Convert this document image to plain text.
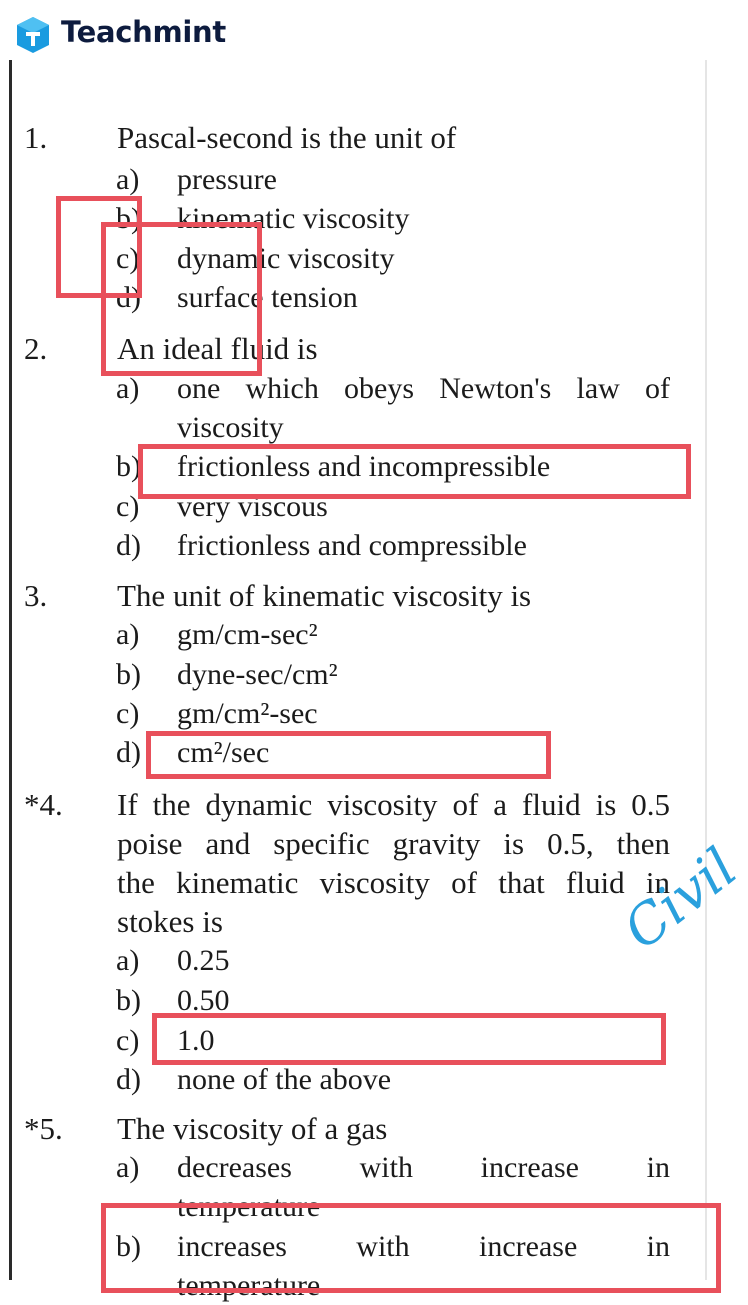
Teachmint
1. Pascal-second is the unit of
a) pressure
b) kinematic viscosity
c) dynamic viscosity
d) surface tension
2. An ideal fluid is
a) one which obeys Newton's law of
viscosity
b) frictionless and incompressible
c) very viscous
d) frictionless and compressible
3. The unit of kinematic viscosity is
a) gm/cm-sec²
b) dyne-sec/cm²
c) gm/cm²-sec
d) cm²/sec
*4. If the dynamic viscosity of a fluid is 0.5
poise and specific gravity is 0.5, then
the kinematic viscosity of that fluid in
stokes is
a) 0.25
b) 0.50
c) 1.0
d) none of the above
*5. The viscosity of a gas
a) decreases with increase in
temperature
b) increases with increase in
temperature
Civil
